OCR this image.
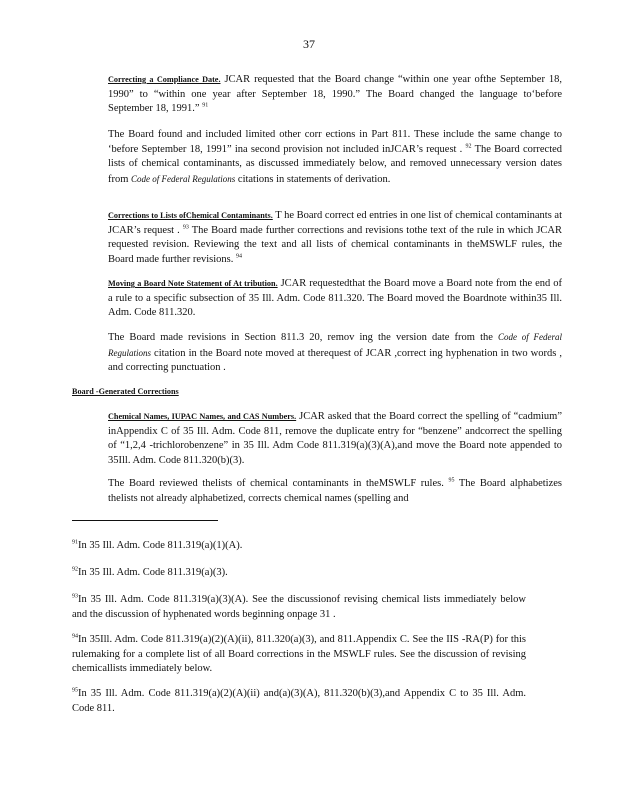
37
Correcting a Compliance Date. JCAR requested that the Board change “within one year ofthe September 18, 1990” to “within one year after September 18, 1990.” The Board changed the language to‘before September 18, 1991.” $^{91}$
The Board found and included limited other corr ections in Part 811. These include the same change to ‘before September 18, 1991” ina second provision not included inJCAR’s request . $^{92}$ The Board corrected lists of chemical contaminants, as discussed immediately below, and removed unnecessary version dates from Code of Federal Regulations citations in statements of derivation.
Corrections to Lists ofChemical Contaminants. T he Board correct ed entries in one list of chemical contaminants at JCAR’s request . $^{93}$ The Board made further corrections and revisions tothe text of the rule in which JCAR requested revision. Reviewing the text and all lists of chemical contaminants in theMSWLF rules, the Board made further revisions. $^{94}$
Moving a Board Note Statement of At tribution. JCAR requestedthat the Board move a Board note from the end of a rule to a specific subsection of 35 Ill. Adm. Code 811.320. The Board moved the Boardnote within35 Ill. Adm. Code 811.320.
The Board made revisions in Section 811.3 20, remov ing the version date from the Code of Federal Regulations citation in the Board note moved at therequest of JCAR ,correct ing hyphenation in two words , and correcting punctuation .
Board -Generated Corrections
Chemical Names, IUPAC Names, and CAS Numbers. JCAR asked that the Board correct the spelling of “cadmium” inAppendix C of 35 Ill. Adm. Code 811, remove the duplicate entry for “benzene” andcorrect the spelling of “1,2,4 -trichlorobenzene” in 35 Ill. Adm Code 811.319(a)(3)(A),and move the Board note appended to 35Ill. Adm. Code 811.320(b)(3).
The Board reviewed thelists of chemical contaminants in theMSWLF rules. $^{95}$ The Board alphabetizes thelists not already alphabetized, corrects chemical names (spelling and
$^{91}$In 35 Ill. Adm. Code 811.319(a)(1)(A).
$^{92}$In 35 Ill. Adm. Code 811.319(a)(3).
$^{93}$In 35 Ill. Adm. Code 811.319(a)(3)(A). See the discussionof revising chemical lists immediately below and the discussion of hyphenated words beginning onpage 31 .
$^{94}$In 35Ill. Adm. Code 811.319(a)(2)(A)(ii), 811.320(a)(3), and 811.Appendix C. See the IIS -RA(P) for this rulemaking for a complete list of all Board corrections in the MSWLF rules. See the discussion of revising chemicallists immediately below.
$^{95}$In 35 Ill. Adm. Code 811.319(a)(2)(A)(ii) and(a)(3)(A), 811.320(b)(3),and Appendix C to 35 Ill. Adm. Code 811.
